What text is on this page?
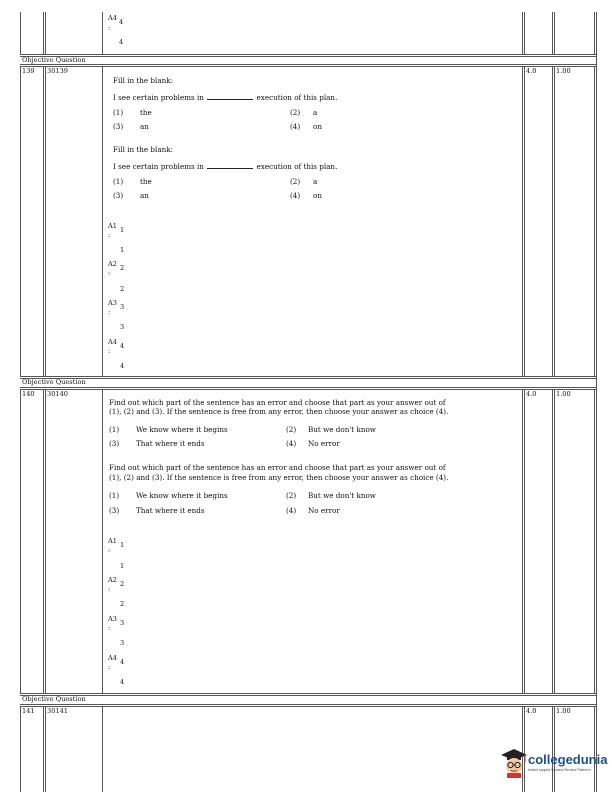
A4 4
:
4
Objective Question
139 30139	4.0	1.00
Fill in the blank:
I see certain problems in	execution of this plan.
(1) the	(2) a
(3) an	(4) on
Fill in the blank:
I see certain problems in	execution of this plan.
(1) the	(2) a
(3) an	(4) on
A1 1
:
1
A2 2
:
2
A3 3
:
3
A4 4
:
4
Objective Question
140 30140	4.0	1.00
Find out which part of the sentence has an error and choose that part as your answer out of
(1), (2) and (3). If the sentence is free from any error, then choose your answer as choice (4).
(1) We know where it begins	(2) But we don't know
(3) That where it ends	(4) No error
Find out which part of the sentence has an error and choose that part as your answer out of
(1), (2) and (3). If the sentence is free from any error, then choose your answer as choice (4).
(1) We know where it begins	(2) But we don't know
(3) That where it ends	(4) No error
A1 1
:
1
A2 2
:
2
A3 3
:
3
A4 4
:
4
Objective Question
141 30141	4.0	1.00
collegedunia
India's largest Student Review Platform
